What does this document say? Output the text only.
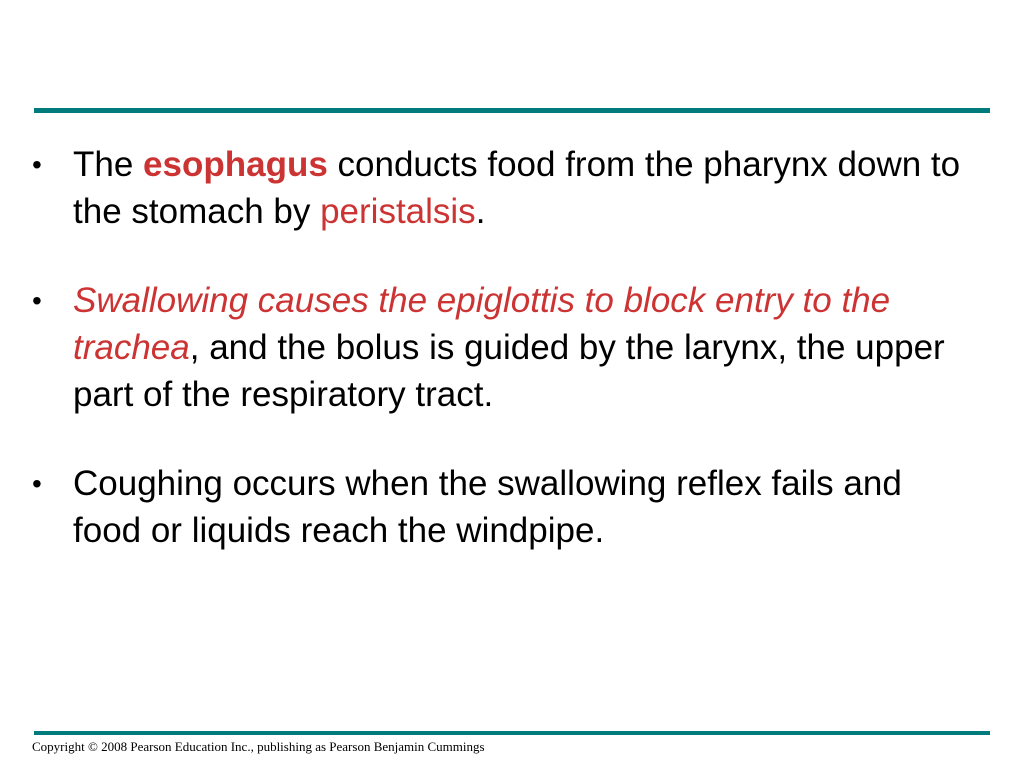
• The esophagus conducts food from the pharynx down to the stomach by peristalsis.
• Swallowing causes the epiglottis to block entry to the trachea, and the bolus is guided by the larynx, the upper part of the respiratory tract.
• Coughing occurs when the swallowing reflex fails and food or liquids reach the windpipe.
Copyright © 2008 Pearson Education Inc., publishing as Pearson Benjamin Cummings
